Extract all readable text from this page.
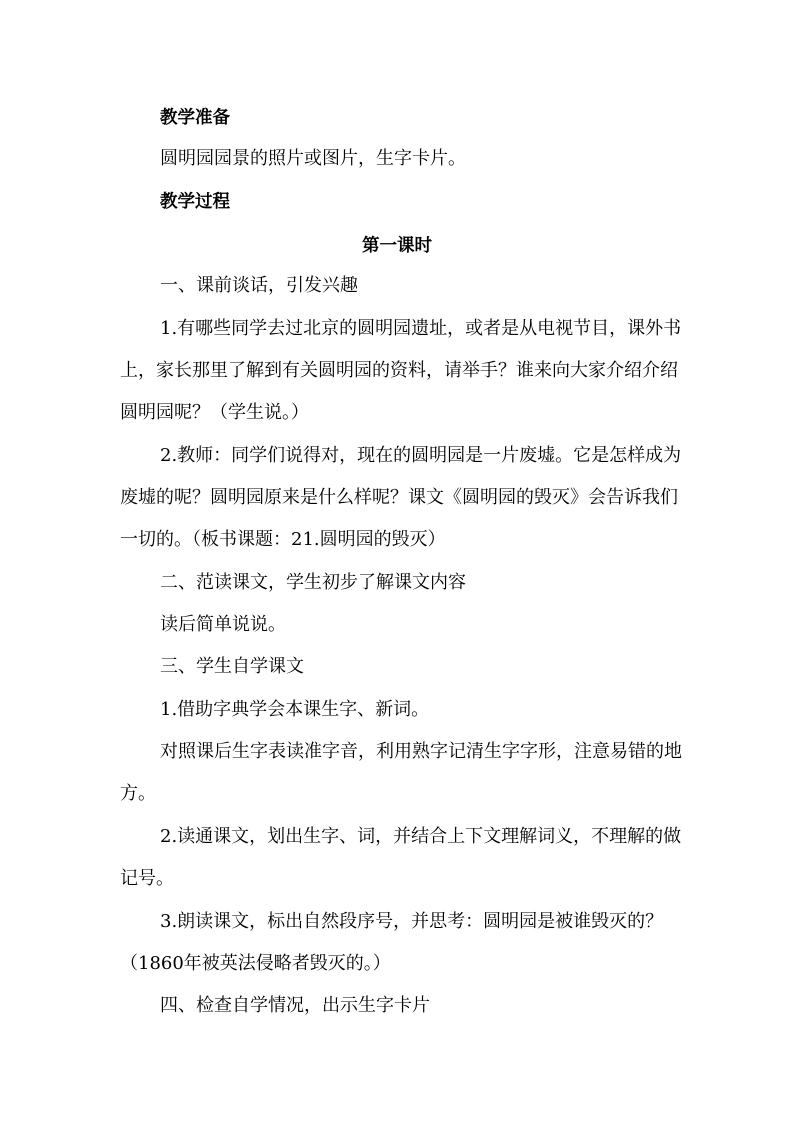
教学准备
圆明园园景的照片或图片，生字卡片。
教学过程
第一课时
一、课前谈话，引发兴趣
1.有哪些同学去过北京的圆明园遗址，或者是从电视节目，课外书
上，家长那里了解到有关圆明园的资料，请举手？谁来向大家介绍介绍
圆明园呢？（学生说。）
2.教师：同学们说得对，现在的圆明园是一片废墟。它是怎样成为
废墟的呢？圆明园原来是什么样呢？课文《圆明园的毁灭》会告诉我们
一切的。（板书课题：21.圆明园的毁灭）
二、范读课文，学生初步了解课文内容
读后简单说说。
三、学生自学课文
1.借助字典学会本课生字、新词。
对照课后生字表读准字音，利用熟字记清生字字形，注意易错的地
方。
2.读通课文，划出生字、词，并结合上下文理解词义，不理解的做
记号。
3.朗读课文，标出自然段序号，并思考：圆明园是被谁毁灭的？
（1860年被英法侵略者毁灭的。）
四、检查自学情况，出示生字卡片
